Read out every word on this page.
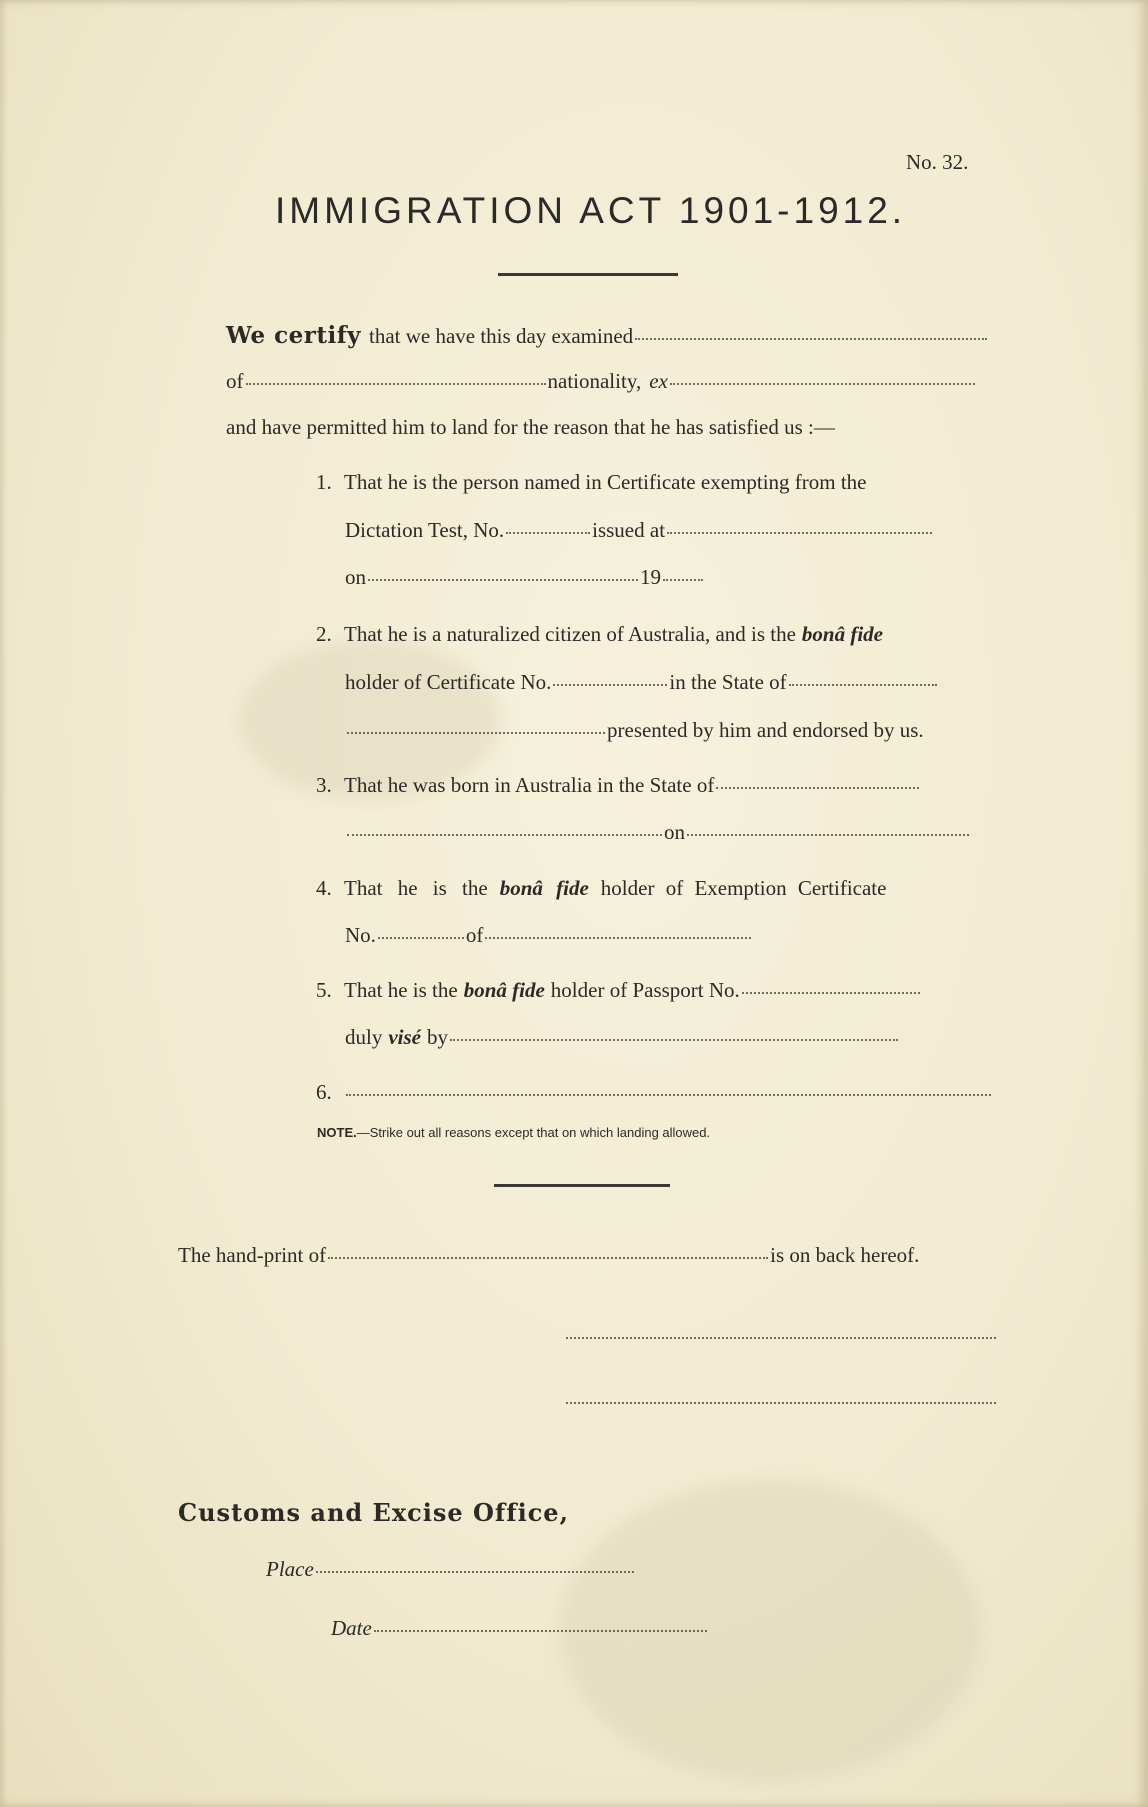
No. 32.
IMMIGRATION ACT 1901-1912.
We certify that we have this day examined
of	nationality, ex
and have permitted him to land for the reason that he has satisfied us :—
1. That he is the person named in Certificate exempting from the
Dictation Test, No.	issued at
on	19
2. That he is a naturalized citizen of Australia, and is the bonâ fide
holder of Certificate No.	in the State of
presented by him and endorsed by us.
3. That he was born in Australia in the State of
on
4. That he is the bonâ fide holder of Exemption Certificate
No.	of
5. That he is the bonâ fide holder of Passport No.
duly visé by
6.
NOTE.—Strike out all reasons except that on which landing allowed.
The hand-print of	is on back hereof.
Customs and Excise Office,
Place
Date
